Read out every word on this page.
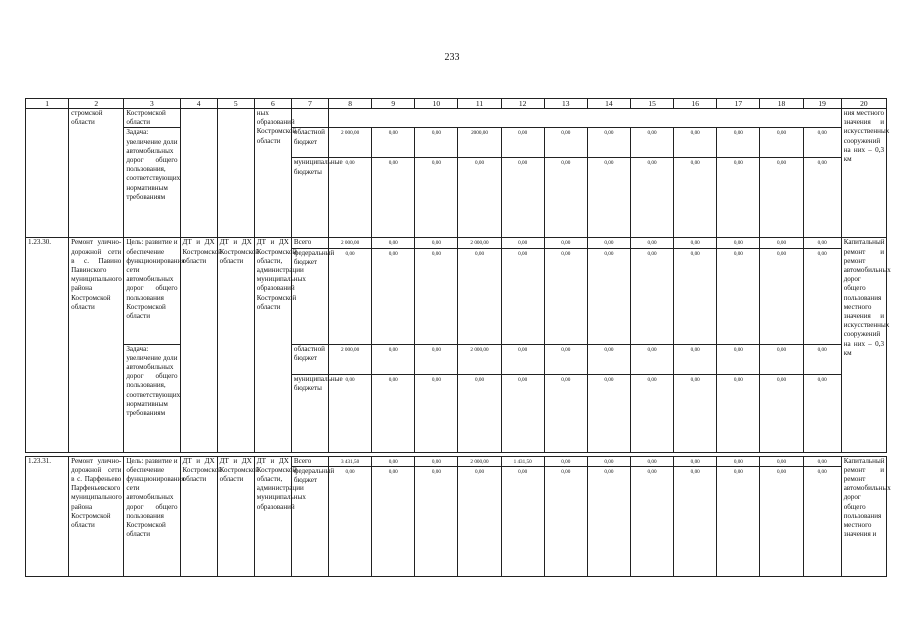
233
1	2	3	4	5	6	7	8	9	10	11	12	13	14	15	16	17	18	19	20
	стромской области	Костромской области			ных образований Костромской области														ния местного значения и искусственных сооружений на них – 0,3 км
		Задача: увеличение доли автомобильных дорог общего пользования, соответствующих нормативным требованиям				областной бюджет	2 000,00	0,00	0,00	2000,00	0,00	0,00	0,00	0,00	0,00	0,00	0,00	0,00	
						муниципальные бюджеты	0,00	0,00	0,00	0,00	0,00	0,00	0,00	0,00	0,00	0,00	0,00	0,00	
1.23.30.	Ремонт улично-дорожной сети в с. Павино Павинского муниципального района Костромской области	Цель: развитие и обеспечение функционирования сети автомобильных дорог общего пользования Костромской области	ДТ и ДХ Костромской области	ДТ и ДХ Костромской области	ДТ и ДХ Костромской области, администрации муниципальных образований Костромской области	Всего	2 000,00	0,00	0,00	2 000,00	0,00	0,00	0,00	0,00	0,00	0,00	0,00	0,00	Капитальный ремонт и ремонт автомобильных дорог общего пользования местного значения и искусственных сооружений на них – 0,3 км
						федеральный бюджет	0,00	0,00	0,00	0,00	0,00	0,00	0,00	0,00	0,00	0,00	0,00	0,00	
		Задача: увеличение доли автомобильных дорог общего пользования, соответствующих нормативным требованиям				областной бюджет	2 000,00	0,00	0,00	2 000,00	0,00	0,00	0,00	0,00	0,00	0,00	0,00	0,00	
						муниципальные бюджеты	0,00	0,00	0,00	0,00	0,00	0,00	0,00	0,00	0,00	0,00	0,00	0,00	

1.23.31.	Ремонт улично-дорожной сети в с. Парфеньево Парфеньевского муниципального района Костромской области	Цель: развитие и обеспечение функционирования сети автомобильных дорог общего пользования Костромской области	ДТ и ДХ Костромской области	ДТ и ДХ Костромской области	ДТ и ДХ Костромской области, администрации муниципальных образований	Всего	3 431,50	0,00	0,00	2 000,00	1 431,50	0,00	0,00	0,00	0,00	0,00	0,00	0,00	Капитальный ремонт и ремонт автомобильных дорог общего пользования местного значения и
						федеральный бюджет	0,00	0,00	0,00	0,00	0,00	0,00	0,00	0,00	0,00	0,00	0,00	0,00	
